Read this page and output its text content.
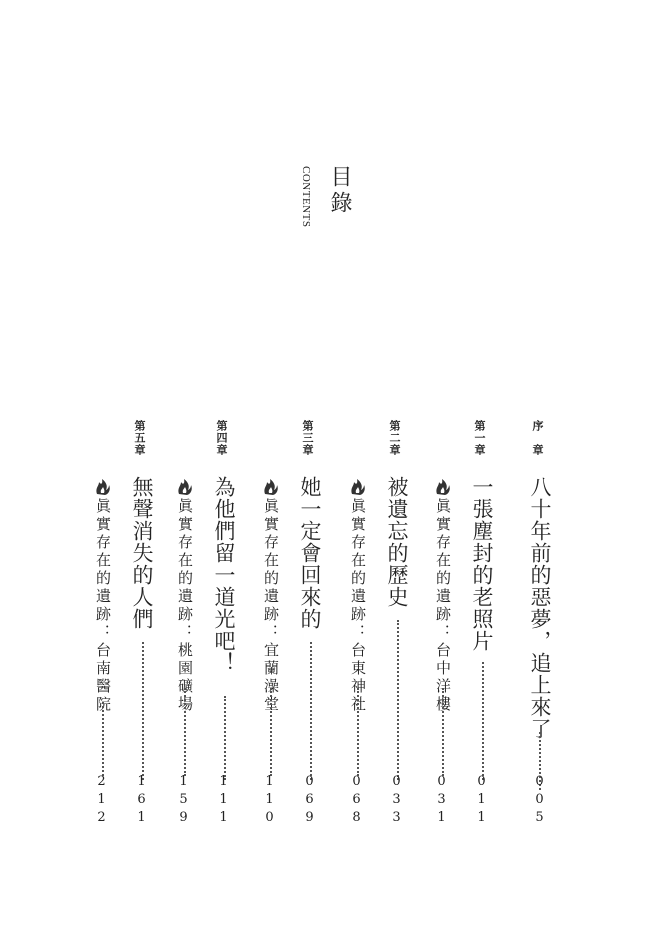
目錄
CONTENTS
序　章
八十年前的惡夢，追上來了
005
第一章
一張塵封的老照片
011
眞實存在的遺跡：台中洋樓
031
第二章
被遺忘的歷史
033
眞實存在的遺跡：台東神社
068
第三章
她一定會回來的
069
眞實存在的遺跡：宜蘭澡堂
110
第四章
為他們留一道光吧！
111
眞實存在的遺跡：桃園礦場
159
第五章
無聲消失的人們
161
眞實存在的遺跡：台南醫院
212
